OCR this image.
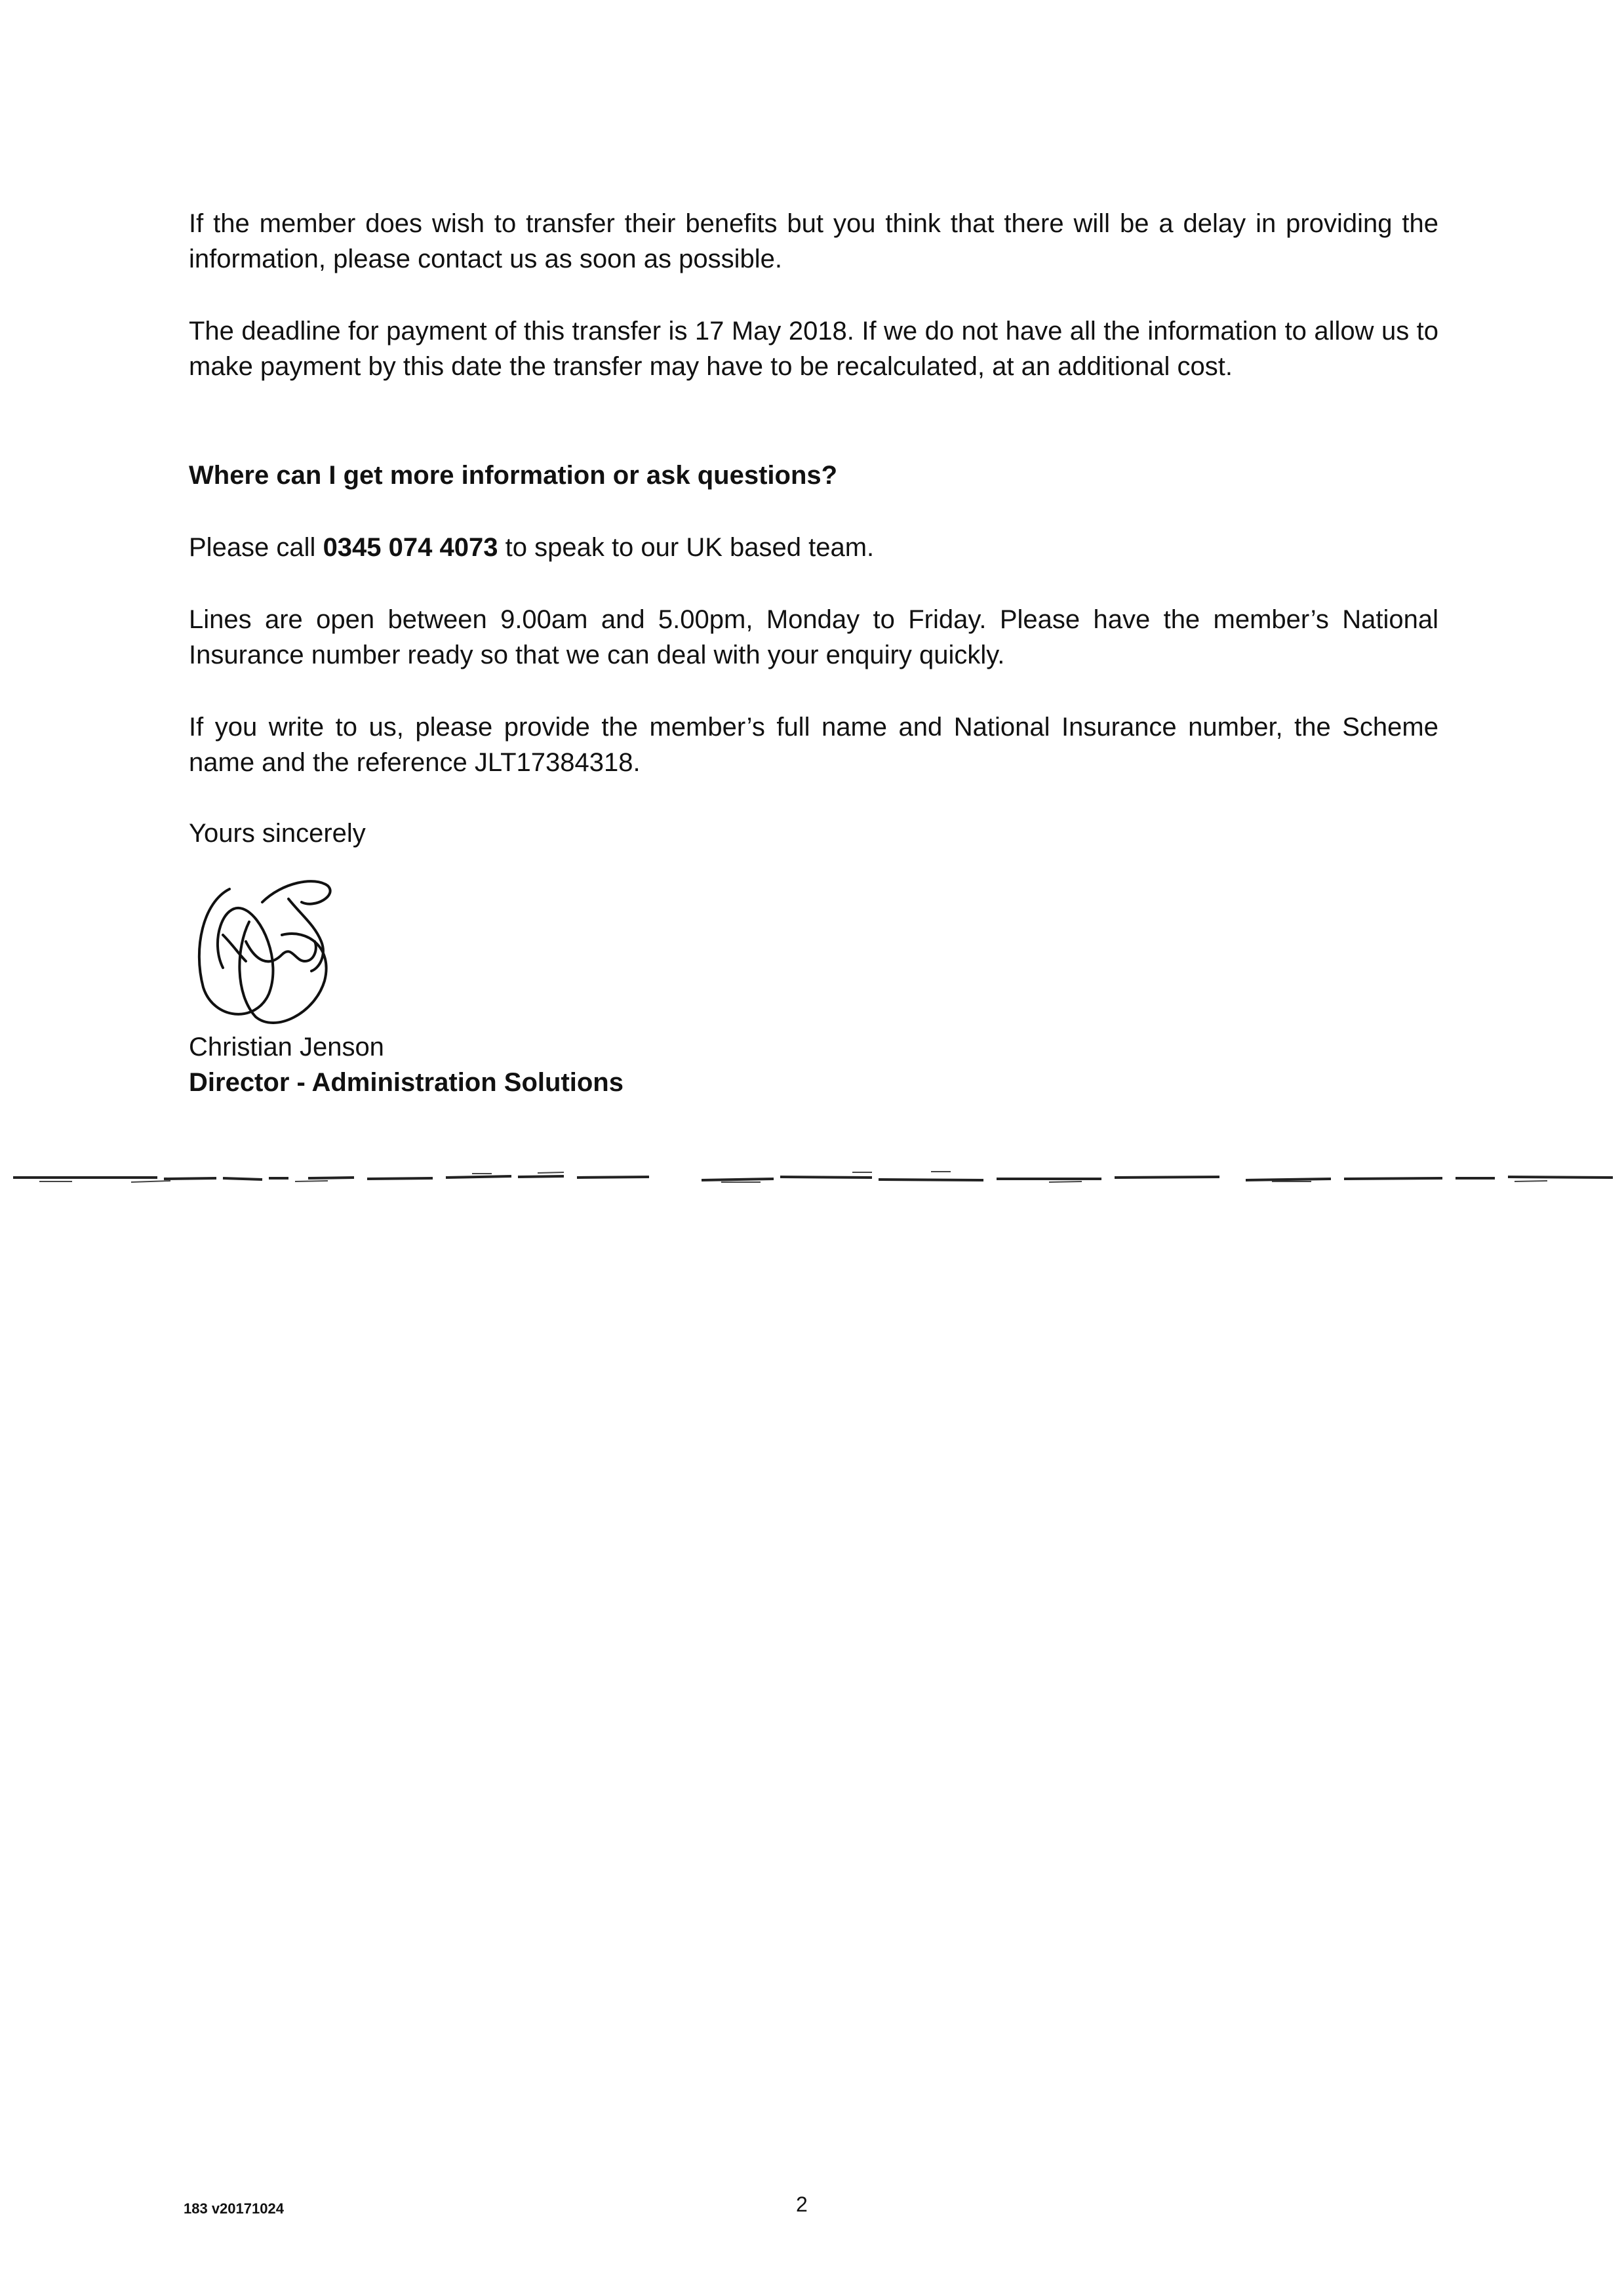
If the member does wish to transfer their benefits but you think that there will be a delay in providing the information, please contact us as soon as possible.

The deadline for payment of this transfer is 17 May 2018. If we do not have all the information to allow us to make payment by this date the transfer may have to be recalculated, at an additional cost.

Where can I get more information or ask questions?

Please call 0345 074 4073 to speak to our UK based team.

Lines are open between 9.00am and 5.00pm, Monday to Friday. Please have the member’s National Insurance number ready so that we can deal with your enquiry quickly.

If you write to us, please provide the member’s full name and National Insurance number, the Scheme name and the reference JLT17384318.

Yours sincerely

Christian Jenson

Director - Administration Solutions

183 v20171024	2
